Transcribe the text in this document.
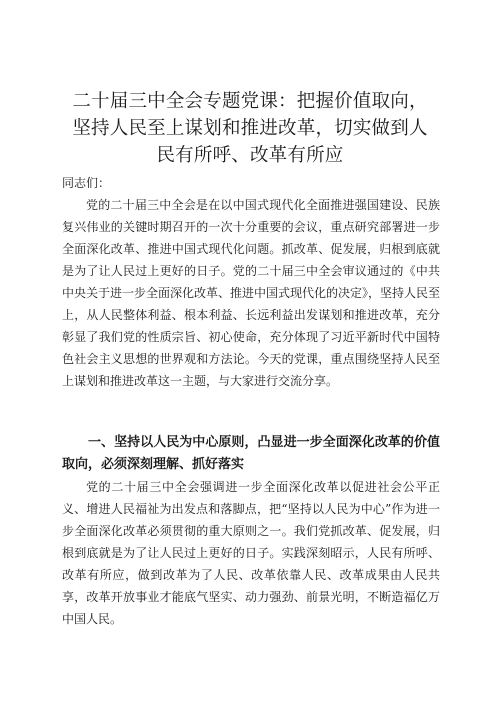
二十届三中全会专题党课：把握价值取向，坚持人民至上谋划和推进改革，切实做到人民有所呼、改革有所应

同志们：

党的二十届三中全会是在以中国式现代化全面推进强国建设、民族复兴伟业的关键时期召开的一次十分重要的会议，重点研究部署进一步全面深化改革、推进中国式现代化问题。抓改革、促发展，归根到底就是为了让人民过上更好的日子。党的二十届三中全会审议通过的《中共中央关于进一步全面深化改革、推进中国式现代化的决定》，坚持人民至上，从人民整体利益、根本利益、长远利益出发谋划和推进改革，充分彰显了我们党的性质宗旨、初心使命，充分体现了习近平新时代中国特色社会主义思想的世界观和方法论。今天的党课，重点围绕坚持人民至上谋划和推进改革这一主题，与大家进行交流分享。

一、坚持以人民为中心原则，凸显进一步全面深化改革的价值取向，必须深刻理解、抓好落实

党的二十届三中全会强调进一步全面深化改革以促进社会公平正义、增进人民福祉为出发点和落脚点，把“坚持以人民为中心”作为进一步全面深化改革必须贯彻的重大原则之一。我们党抓改革、促发展，归根到底就是为了让人民过上更好的日子。实践深刻昭示，人民有所呼、改革有所应，做到改革为了人民、改革依靠人民、改革成果由人民共享，改革开放事业才能底气坚实、动力强劲、前景光明，不断造福亿万中国人民。
